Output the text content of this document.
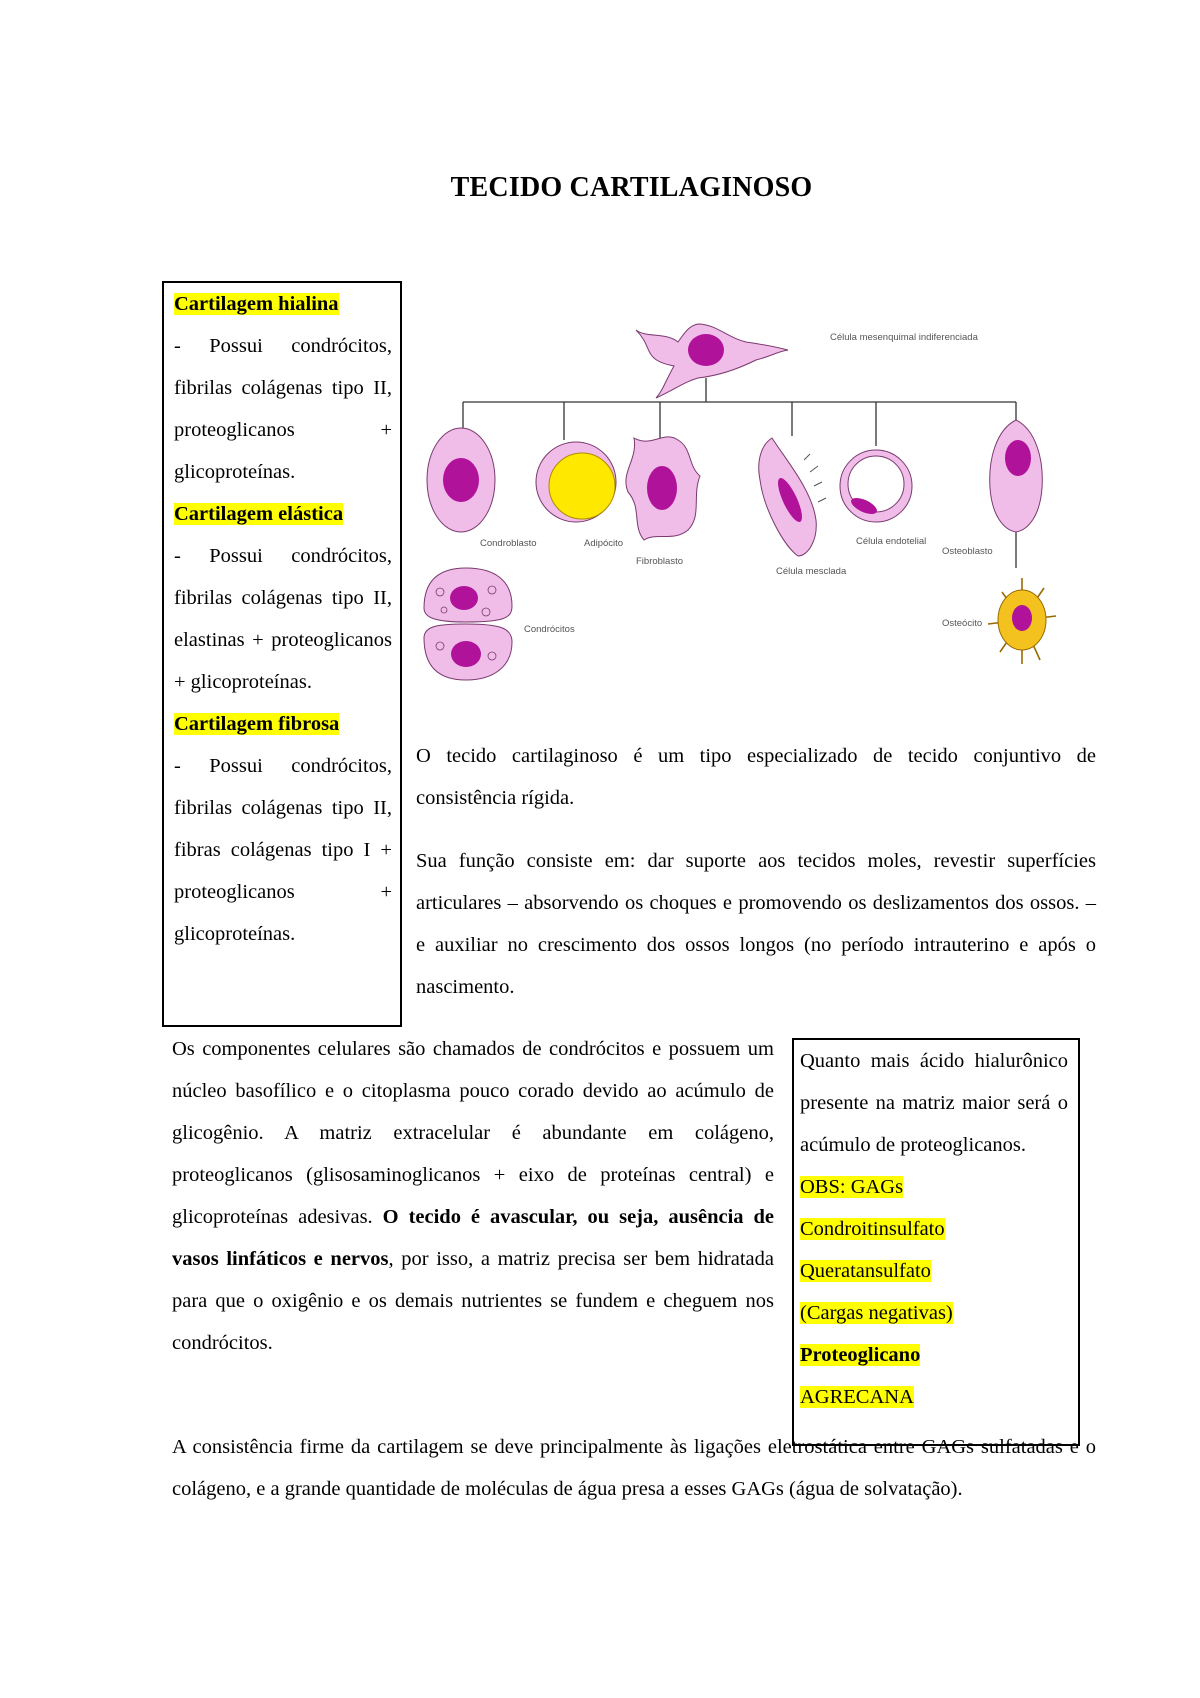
TECIDO CARTILAGINOSO

Cartilagem hialina

- Possui condrócitos, fibrilas colágenas tipo II, proteoglicanos + glicoproteínas.

Cartilagem elástica

- Possui condrócitos, fibrilas colágenas tipo II, elastinas + proteoglicanos + glicoproteínas.

Cartilagem fibrosa

- Possui condrócitos, fibrilas colágenas tipo II, fibras colágenas tipo I + proteoglicanos + glicoproteínas.

Célula mesenquimal indiferenciada
Condroblasto	Adipócito
Fibroblasto
Célula mesclada
Célula endotelial
Osteoblasto
Condrócitos
Osteócito

O tecido cartilaginoso é um tipo especializado de tecido conjuntivo de consistência rígida.

Sua função consiste em: dar suporte aos tecidos moles, revestir superfícies articulares – absorvendo os choques e promovendo os deslizamentos dos ossos. – e auxiliar no crescimento dos ossos longos (no período intrauterino e após o nascimento.

Os componentes celulares são chamados de condrócitos e possuem um núcleo basofílico e o citoplasma pouco corado devido ao acúmulo de glicogênio. A matriz extracelular é abundante em colágeno, proteoglicanos (glisosaminoglicanos + eixo de proteínas central) e glicoproteínas adesivas. O tecido é avascular, ou seja, ausência de vasos linfáticos e nervos, por isso, a matriz precisa ser bem hidratada para que o oxigênio e os demais nutrientes se fundem e cheguem nos condrócitos.

Quanto mais ácido hialurônico presente na matriz maior será o acúmulo de proteoglicanos.

OBS: GAGs

Condroitinsulfato

Queratansulfato

(Cargas negativas)

Proteoglicano

AGRECANA

A consistência firme da cartilagem se deve principalmente às ligações eletrostática entre GAGs sulfatadas e o colágeno, e a grande quantidade de moléculas de água presa a esses GAGs (água de solvatação).
